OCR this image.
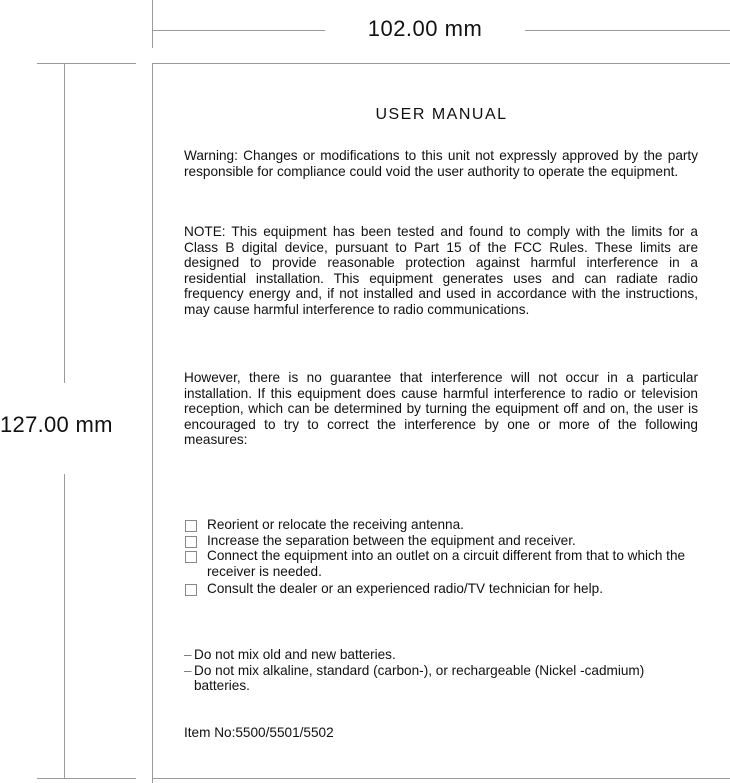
102.00 mm
127.00 mm
USER MANUAL

Warning: Changes or modifications to this unit not expressly approved by the party responsible for compliance could void the user authority to operate the equipment.

NOTE: This equipment has been tested and found to comply with the limits for a Class B digital device, pursuant to Part 15 of the FCC Rules. These limits are designed to provide reasonable protection against harmful interference in a residential installation. This equipment generates uses and can radiate radio frequency energy and, if not installed and used in accordance with the instructions, may cause harmful interference to radio communications.

However, there is no guarantee that interference will not occur in a particular installation. If this equipment does cause harmful interference to radio or television reception, which can be determined by turning the equipment off and on, the user is encouraged to try to correct the interference by one or more of the following measures:

Reorient or relocate the receiving antenna.
Increase the separation between the equipment and receiver.
Connect the equipment into an outlet on a circuit different from that to which the receiver is needed.
Consult the dealer or an experienced radio/TV technician for help.
– Do not mix old and new batteries.
– Do not mix alkaline, standard (carbon-), or rechargeable (Nickel -cadmium) batteries.
Item No:5500/5501/5502
